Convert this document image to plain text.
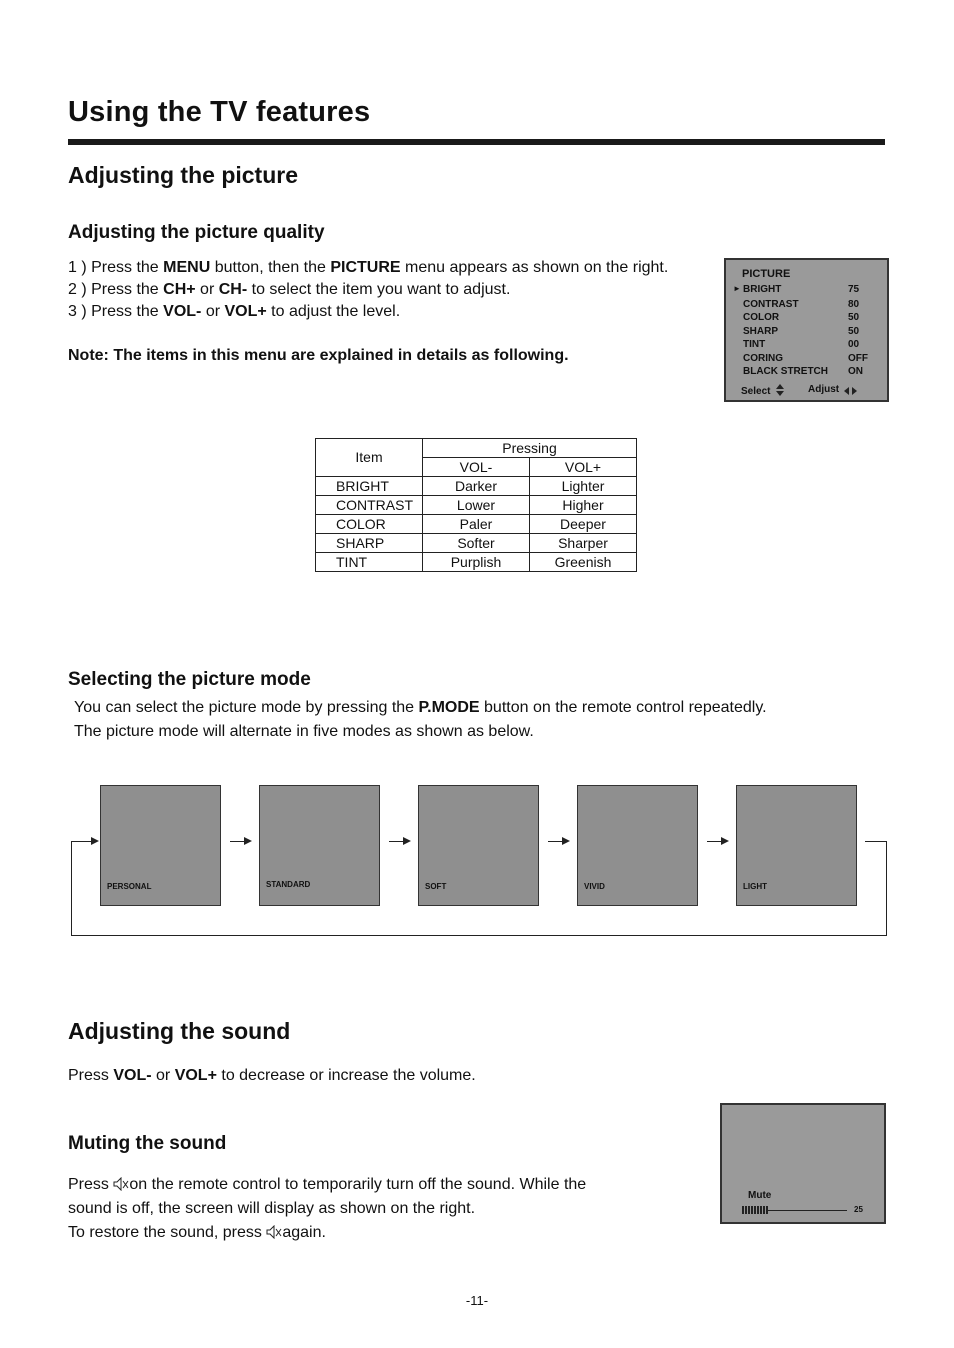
Using the TV features
Adjusting the picture
Adjusting the picture quality
1 ) Press the MENU button, then the PICTURE menu appears as shown on the right.
2 ) Press the CH+ or CH- to select the item you want to adjust.
3 ) Press the VOL- or VOL+ to adjust the level.
Note: The items in this menu are explained in details as following.
PICTURE
► BRIGHT	75
CONTRAST	80
COLOR	50
SHARP	50
TINT	00
CORING	OFF
BLACK STRETCH ON
Select	Adjust
Item	Pressing	
	VOL-	VOL+
BRIGHT	Darker	Lighter
CONTRAST	Lower	Higher
COLOR	Paler	Deeper
SHARP	Softer	Sharper
TINT	Purplish	Greenish
Selecting the picture mode
You can select the picture mode by pressing the P.MODE button on the remote control repeatedly.
The picture mode will alternate in five modes as shown as below.
PERSONAL	STANDARD	SOFT	VIVID	LIGHT
Adjusting the sound
Press VOL- or VOL+ to decrease or increase the volume.
Muting the sound
Press on the remote control to temporarily turn off the sound. While the
sound is off, the screen will display as shown on the right.
To restore the sound, press again.
Mute
25
-11-
